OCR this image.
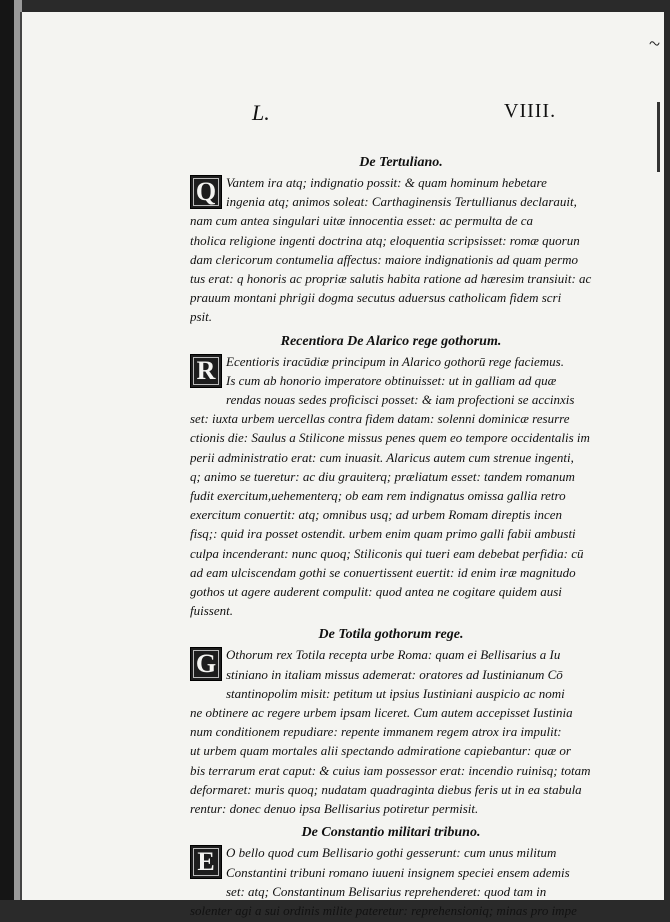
~
L.	VIIII.
De Tertuliano.
Q Vantem ira atq; indignatio possit: & quam hominum hebetare
ingenia atq; animos soleat: Carthaginensis Tertullianus declarauit,
nam cum antea singulari uitæ innocentia esset: ac permulta de ca
tholica religione ingenti doctrina atq; eloquentia scripsisset: romæ quorun
dam clericorum contumelia affectus: maiore indignationis ad quam permo
tus erat: q honoris ac propriæ salutis habita ratione ad hæresim transiuit: ac
prauum montani phrigii dogma secutus aduersus catholicam fidem scri
psit.

Recentiora De Alarico rege gothorum.
R Ecentioris iracūdiæ principum in Alarico gothorū rege faciemus.
Is cum ab honorio imperatore obtinuisset: ut in galliam ad quæ
rendas nouas sedes proficisci posset: & iam profectioni se accinxis
set: iuxta urbem uercellas contra fidem datam: solenni dominicæ resurre
ctionis die: Saulus a Stilicone missus penes quem eo tempore occidentalis im
perii administratio erat: cum inuasit. Alaricus autem cum strenue ingenti,
q; animo se tueretur: ac diu grauiterq; præliatum esset: tandem romanum
fudit exercitum,uehementerq; ob eam rem indignatus omissa gallia retro
exercitum conuertit: atq; omnibus usq; ad urbem Romam direptis incen
fisq;: quid ira posset ostendit. urbem enim quam primo galli fabii ambusti
culpa incenderant: nunc quoq; Stiliconis qui tueri eam debebat perfidia: cū
ad eam ulciscendam gothi se conuertissent euertit: id enim iræ magnitudo
gothos ut agere auderent compulit: quod antea ne cogitare quidem ausi
fuissent.

De Totila gothorum rege.
G Othorum rex Totila recepta urbe Roma: quam ei Bellisarius a Iu
stiniano in italiam missus ademerat: oratores ad Iustinianum Cō
stantinopolim misit: petitum ut ipsius Iustiniani auspicio ac nomi
ne obtinere ac regere urbem ipsam liceret. Cum autem accepisset Iustinia
num conditionem repudiare: repente immanem regem atrox ira impulit:
ut urbem quam mortales alii spectando admiratione capiebantur: quæ or
bis terrarum erat caput: & cuius iam possessor erat: incendio ruinisq; totam
deformaret: muris quoq; nudatam quadraginta diebus feris ut in ea stabula
rentur: donec denuo ipsa Bellisarius potiretur permisit.

De Constantio militari tribuno.
E O bello quod cum Bellisario gothi gesserunt: cum unus militum
Constantini tribuni romano iuueni insignem speciei ensem ademis
set: atq; Constantinum Belisarius reprehenderet: quod tam in
solenter agi a sui ordinis milite pateretur: reprehensioniq; minas pro impe
